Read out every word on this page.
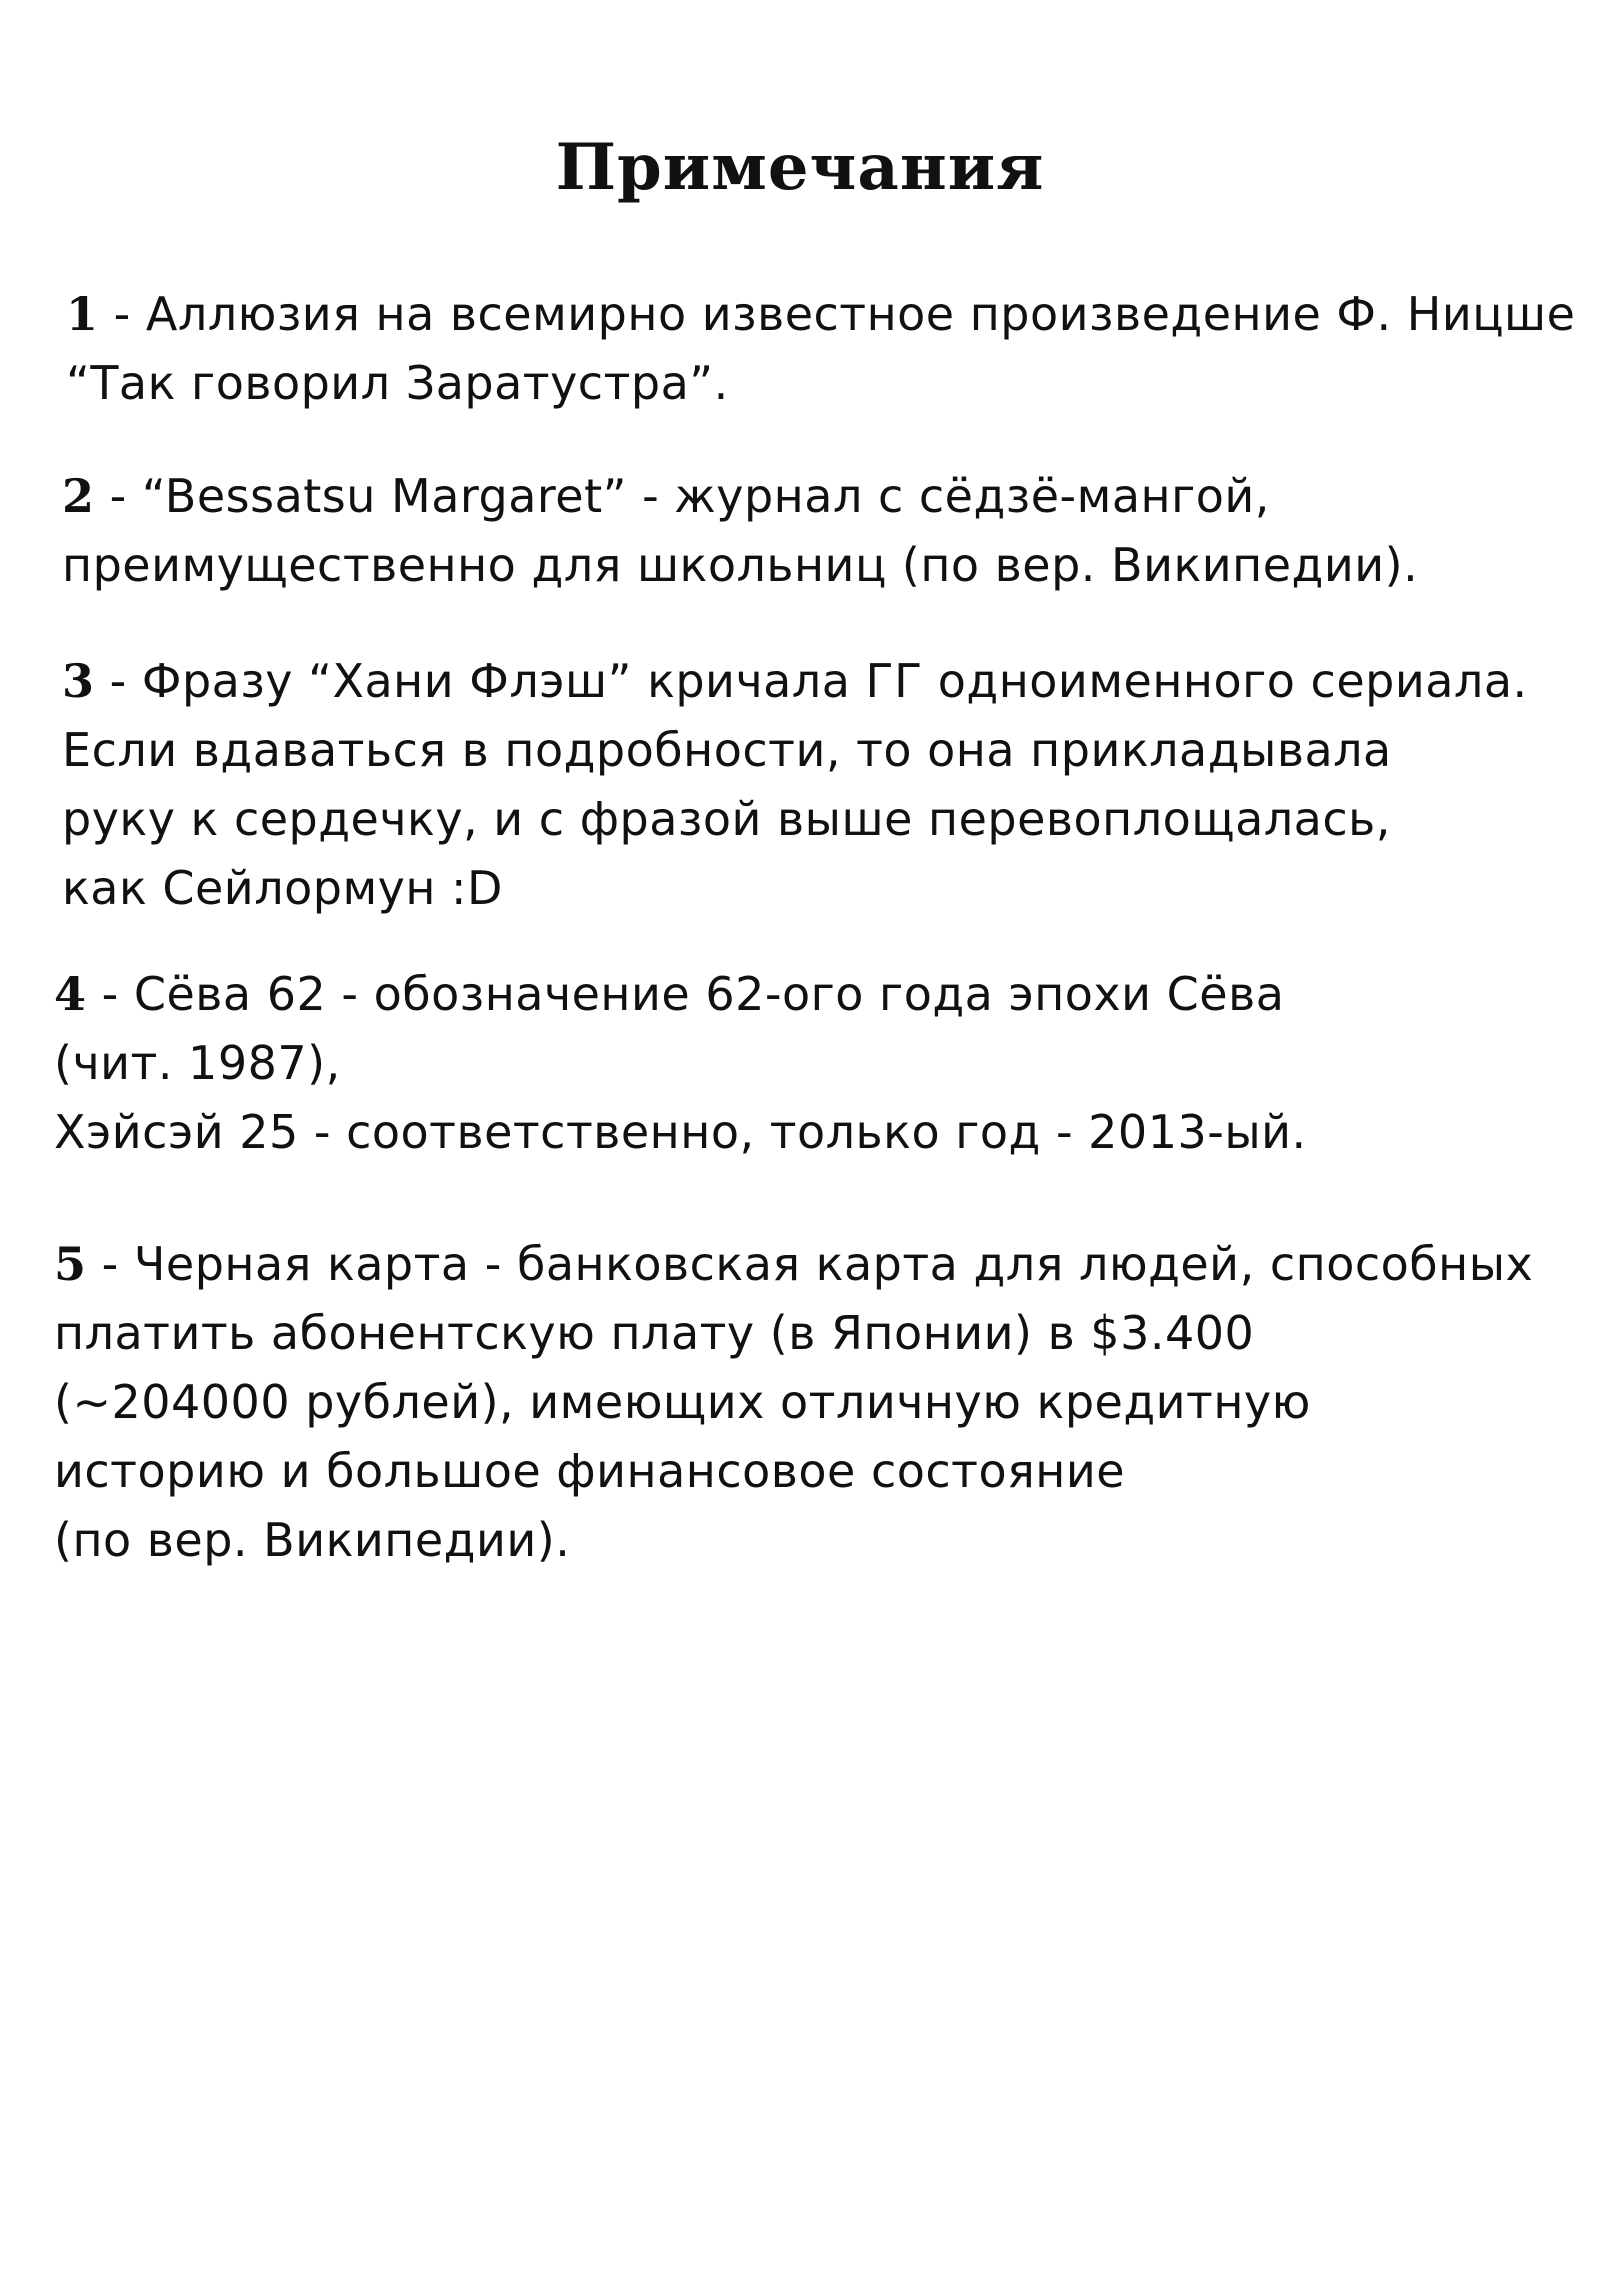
Примечания
1 - Аллюзия на всемирно известное произведение Ф. Ницше
“Так говорил Заратустра”.
2 - “Bessatsu Margaret” - журнал с сёдзё-мангой,
преимущественно для школьниц (по вер. Википедии).
3 - Фразу “Хани Флэш” кричала ГГ одноименного сериала.
Если вдаваться в подробности, то она прикладывала
руку к сердечку, и с фразой выше перевоплощалась,
как Сейлормун :D
4 - Сёва 62 - обозначение 62-ого года эпохи Сёва
(чит. 1987),
Хэйсэй 25 - соответственно, только год - 2013-ый.
5 - Черная карта - банковская карта для людей, способных
платить абонентскую плату (в Японии) в $3.400
(~204000 рублей), имеющих отличную кредитную
историю и большое финансовое состояние
(по вер. Википедии).
